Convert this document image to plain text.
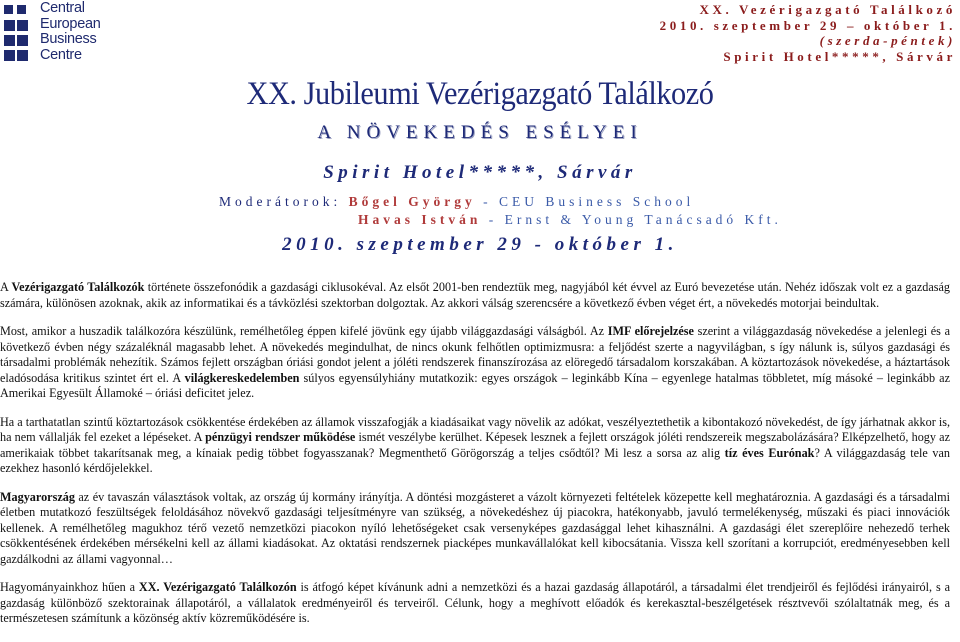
Central
European
Business
Centre
XX. Vezérigazgató Találkozó
2010. szeptember 29 – október 1.
(szerda-péntek)
Spirit Hotel*****, Sárvár
XX. Jubileumi Vezérigazgató Találkozó
A NÖVEKEDÉS ESÉLYEI
Spirit Hotel*****, Sárvár
Moderátorok: Bőgel György - CEU Business School
Havas István - Ernst & Young Tanácsadó Kft.
2010. szeptember 29 - október 1.

A Vezérigazgató Találkozók története összefonódik a gazdasági ciklusokéval. Az elsőt 2001-ben rendeztük meg, nagyjából két évvel az Euró bevezetése után. Nehéz időszak volt ez a gazdaság számára, különösen azoknak, akik az informatikai és a távközlési szektorban dolgoztak. Az akkori válság szerencsére a következő évben véget ért, a növekedés motorjai beindultak.

Most, amikor a huszadik találkozóra készülünk, remélhetőleg éppen kifelé jövünk egy újabb világgazdasági válságból. Az IMF előrejelzése szerint a világgazdaság növekedése a jelenlegi és a következő évben négy százaléknál magasabb lehet. A növekedés megindulhat, de nincs okunk felhőtlen optimizmusra: a feljődést szerte a nagyvilágban, s így nálunk is, súlyos gazdasági és társadalmi problémák nehezítik. Számos fejlett országban óriási gondot jelent a jóléti rendszerek finanszírozása az elöregedő társadalom korszakában. A köztartozások növekedése, a háztartások eladósodása kritikus szintet ért el. A világkereskedelemben súlyos egyensúlyhiány mutatkozik: egyes országok – leginkább Kína – egyenlege hatalmas többletet, míg másoké – leginkább az Amerikai Egyesült Államoké – óriási deficitet jelez.

Ha a tarthatatlan szintű köztartozások csökkentése érdekében az államok visszafogják a kiadásaikat vagy növelik az adókat, veszélyeztethetik a kibontakozó növekedést, de így járhatnak akkor is, ha nem vállalják fel ezeket a lépéseket. A pénzügyi rendszer működése ismét veszélybe kerülhet. Képesek lesznek a fejlett országok jóléti rendszereik megszabolázására? Elképzelhető, hogy az amerikaiak többet takarítsanak meg, a kínaiak pedig többet fogyasszanak? Megmenthető Görögország a teljes csődtől? Mi lesz a sorsa az alig tíz éves Eurónak? A világgazdaság tele van ezekhez hasonló kérdőjelekkel.

Magyarország az év tavaszán választások voltak, az ország új kormány irányítja. A döntési mozgásteret a vázolt környezeti feltételek közepette kell meghatároznia. A gazdasági és a társadalmi életben mutatkozó feszültségek feloldásához növekvő gazdasági teljesítményre van szükség, a növekedéshez új piacokra, hatékonyabb, javuló termelékenység, műszaki és piaci innovációk kellenek. A remélhetőleg magukhoz térő vezető nemzetközi piacokon nyíló lehetőségeket csak versenyképes gazdasággal lehet kihasználni. A gazdasági élet szereplőire nehezedő terhek csökkentésének érdekében mérsékelni kell az állami kiadásokat. Az oktatási rendszernek piacképes munkavállalókat kell kibocsátania. Vissza kell szorítani a korrupciót, eredményesebben kell gazdálkodni az állami vagyonnal…

Hagyományainkhoz hűen a XX. Vezérigazgató Találkozón is átfogó képet kívánunk adni a nemzetközi és a hazai gazdaság állapotáról, a társadalmi élet trendjeiről és fejlődési irányairól, s a gazdaság különböző szektorainak állapotáról, a vállalatok eredményeiről és terveiről. Célunk, hogy a meghívott előadók és kerekasztal-beszélgetések résztvevői szólaltatnák meg, és a természetesen számítunk a közönség aktív közreműködésére is.
